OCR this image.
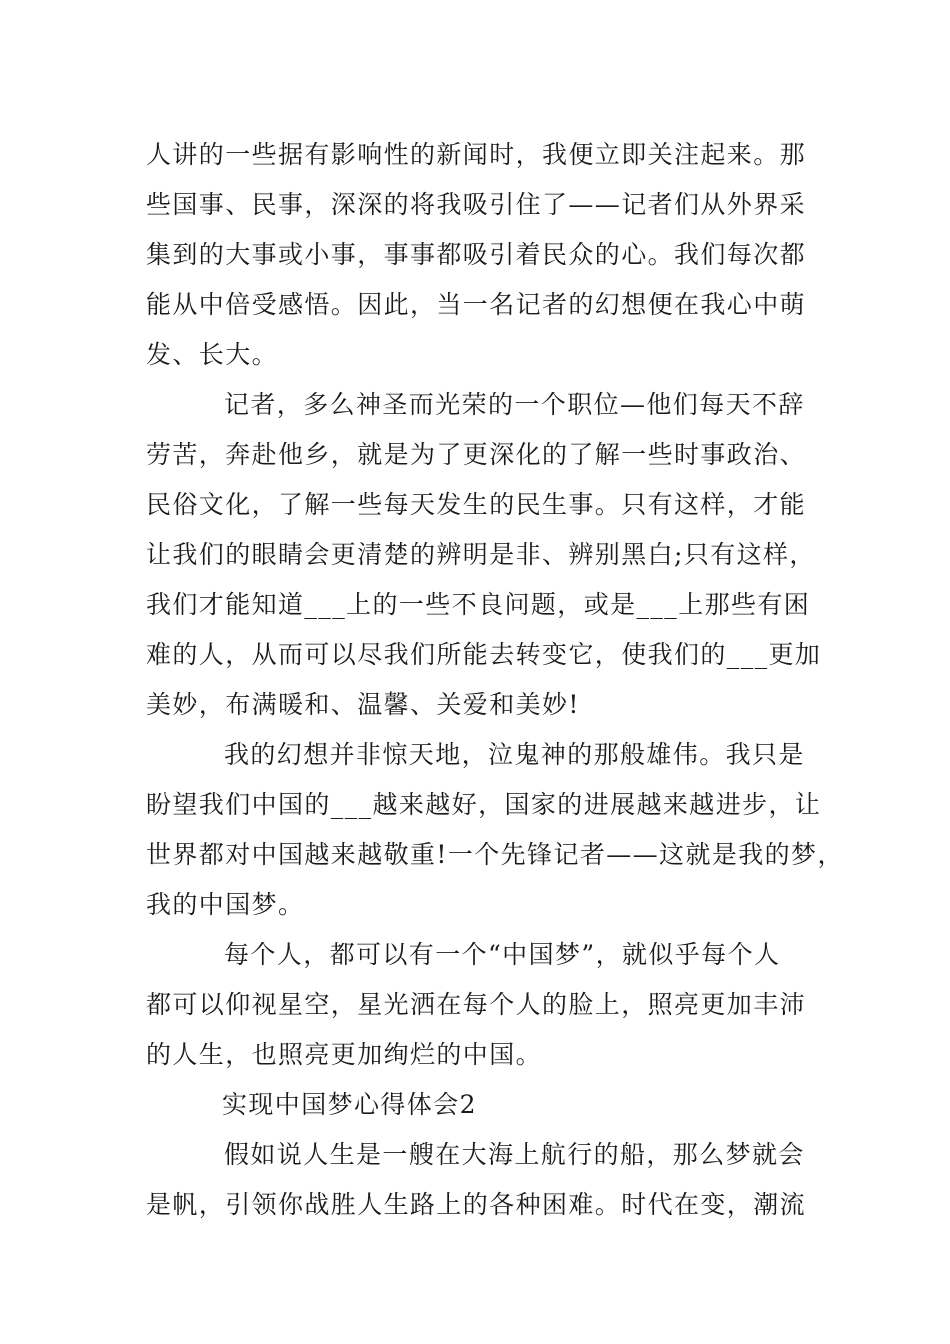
人讲的一些据有影响性的新闻时，我便立即关注起来。那
些国事、民事，深深的将我吸引住了——记者们从外界采
集到的大事或小事，事事都吸引着民众的心。我们每次都
能从中倍受感悟。因此，当一名记者的幻想便在我心中萌
发、长大。
记者，多么神圣而光荣的一个职位—他们每天不辞
劳苦，奔赴他乡，就是为了更深化的了解一些时事政治、
民俗文化，了解一些每天发生的民生事。只有这样，才能
让我们的眼睛会更清楚的辨明是非、辨别黑白;只有这样，
我们才能知道___上的一些不良问题，或是___上那些有困
难的人，从而可以尽我们所能去转变它，使我们的___更加
美妙，布满暖和、温馨、关爱和美妙!
我的幻想并非惊天地，泣鬼神的那般雄伟。我只是
盼望我们中国的___越来越好，国家的进展越来越进步，让
世界都对中国越来越敬重!一个先锋记者——这就是我的梦，
我的中国梦。
每个人，都可以有一个“中国梦”，就似乎每个人
都可以仰视星空，星光洒在每个人的脸上，照亮更加丰沛
的人生，也照亮更加绚烂的中国。
实现中国梦心得体会2
假如说人生是一艘在大海上航行的船，那么梦就会
是帆，引领你战胜人生路上的各种困难。时代在变，潮流
